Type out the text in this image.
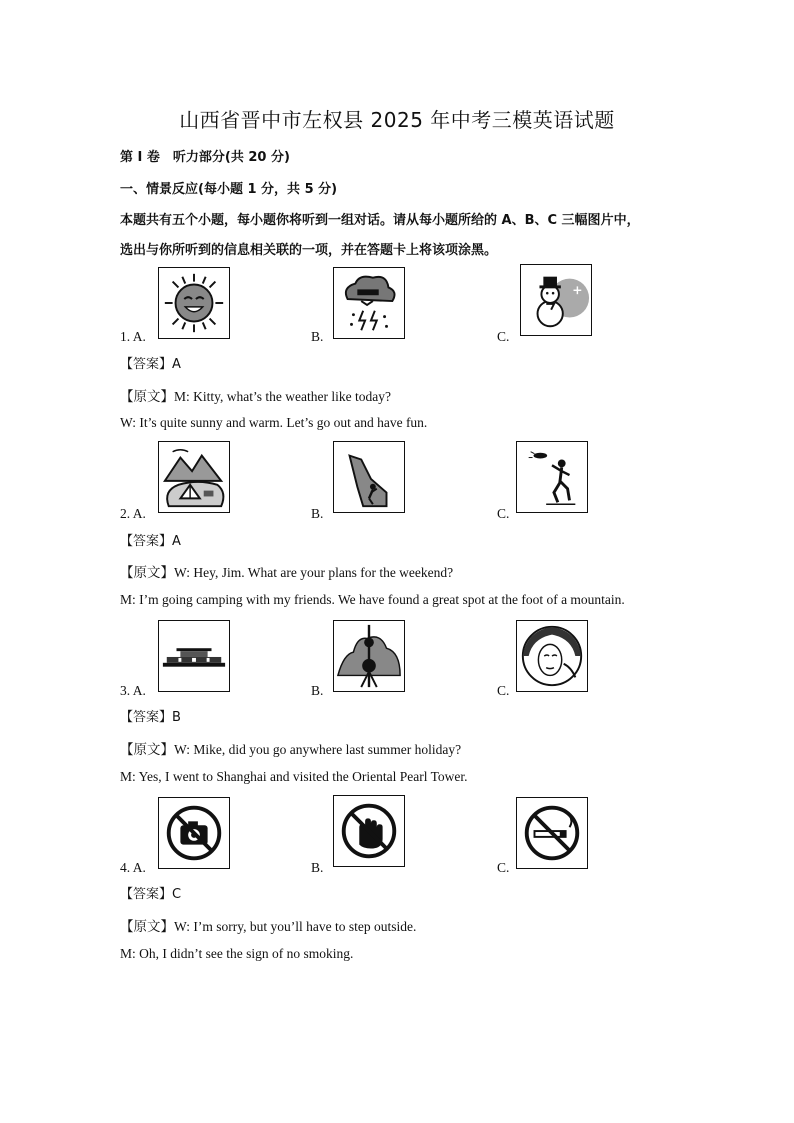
山西省晋中市左权县 2025 年中考三模英语试题
第 I 卷　听力部分(共 20 分)
一、情景反应(每小题 1 分，共 5 分)
本题共有五个小题，每小题你将听到一组对话。请从每小题所给的 A、B、C 三幅图片中，
选出与你所听到的信息相关联的一项，并在答题卡上将该项涂黑。
1. A.	B.	C.
【答案】A
【原文】M: Kitty, what’s the weather like today?
W: It’s quite sunny and warm. Let’s go out and have fun.
2. A.	B.	C.
【答案】A
【原文】W: Hey, Jim. What are your plans for the weekend?
M: I’m going camping with my friends. We have found a great spot at the foot of a mountain.
3. A.	B.	C.
【答案】B
【原文】W: Mike, did you go anywhere last summer holiday?
M: Yes, I went to Shanghai and visited the Oriental Pearl Tower.
4. A.	B.	C.
【答案】C
【原文】W: I’m sorry, but you’ll have to step outside.
M: Oh, I didn’t see the sign of no smoking.
